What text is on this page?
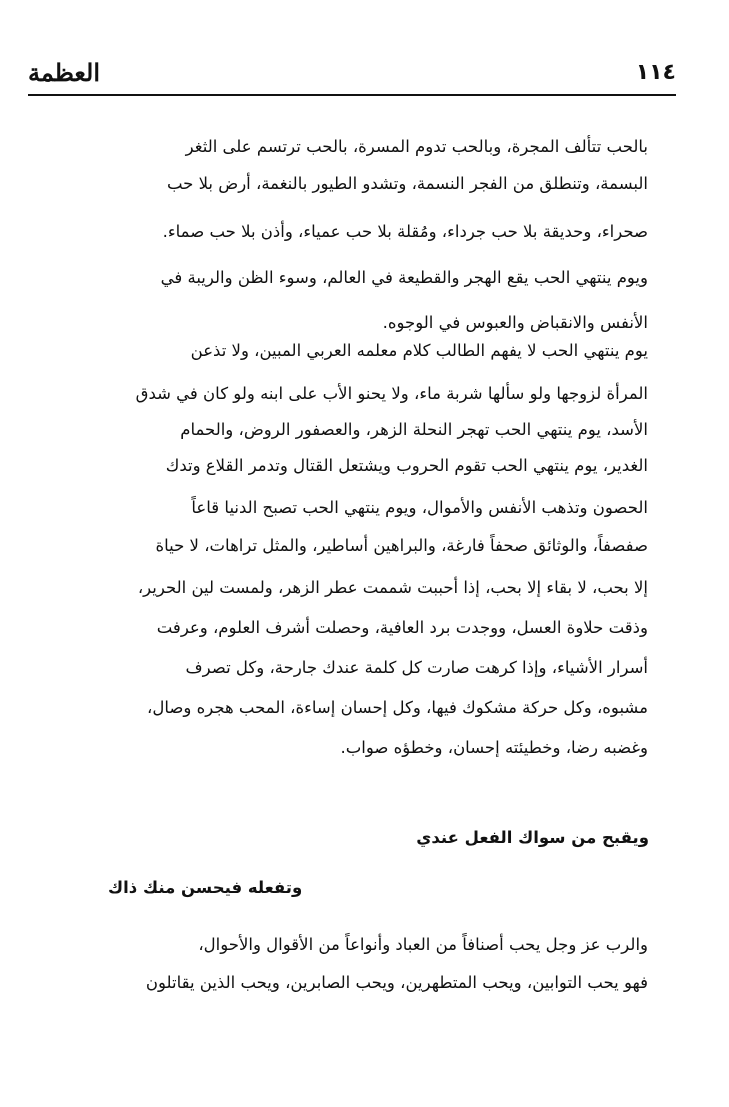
العظمة	١١٤
بالحب تتألف المجرة، وبالحب تدوم المسرة، بالحب ترتسم على الثغر
البسمة، وتنطلق من الفجر النسمة، وتشدو الطيور بالنغمة، أرض بلا حب
صحراء، وحديقة بلا حب جرداء، ومُقلة بلا حب عمياء، وأذن بلا حب صماء.
ويوم ينتهي الحب يقع الهجر والقطيعة في العالم، وسوء الظن والريبة في
الأنفس والانقباض والعبوس في الوجوه.
يوم ينتهي الحب لا يفهم الطالب كلام معلمه العربي المبين، ولا تذعن
المرأة لزوجها ولو سألها شربة ماء، ولا يحنو الأب على ابنه ولو كان في شدق
الأسد، يوم ينتهي الحب تهجر النحلة الزهر، والعصفور الروض، والحمام
الغدير، يوم ينتهي الحب تقوم الحروب ويشتعل القتال وتدمر القلاع وتدك
الحصون وتذهب الأنفس والأموال، ويوم ينتهي الحب تصبح الدنيا قاعاً
صفصفاً، والوثائق صحفاً فارغة، والبراهين أساطير، والمثل تراهات، لا حياة
إلا بحب، لا بقاء إلا بحب، إذا أحببت شممت عطر الزهر، ولمست لين الحرير،
وذقت حلاوة العسل، ووجدت برد العافية، وحصلت أشرف العلوم، وعرفت
أسرار الأشياء، وإذا كرهت صارت كل كلمة عندك جارحة، وكل تصرف
مشبوه، وكل حركة مشكوك فيها، وكل إحسان إساءة، المحب هجره وصال،
وغضبه رضا، وخطيئته إحسان، وخطؤه صواب.
ويقبح من سواك الفعل عندي
وتفعله فيحسن منك ذاك
والرب عز وجل يحب أصنافاً من العباد وأنواعاً من الأقوال والأحوال،
فهو يحب التوابين، ويحب المتطهرين، ويحب الصابرين، ويحب الذين يقاتلون
